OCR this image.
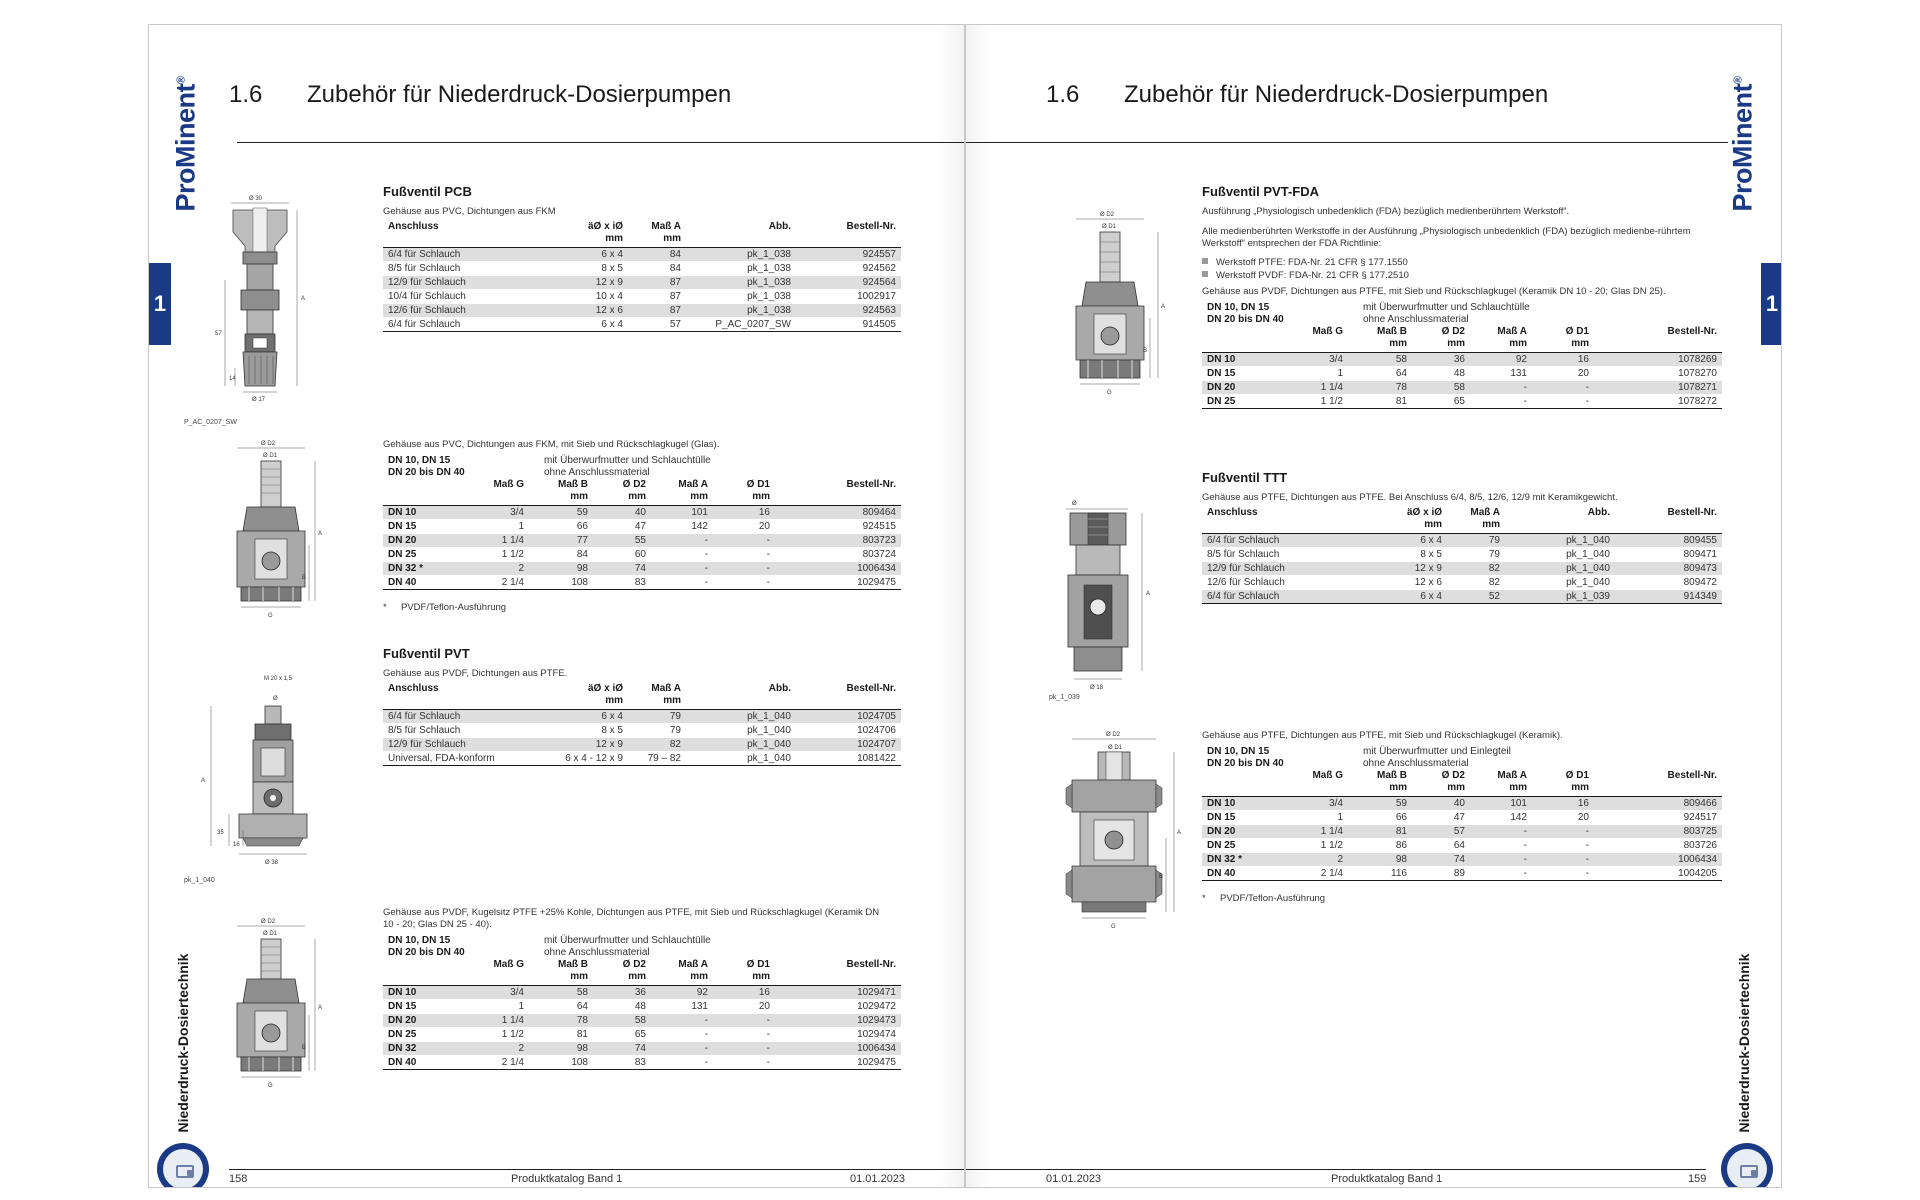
ProMinent®
1
Niederdruck-Dosiertechnik
1.6 Zubehör für Niederdruck-Dosierpumpen
Ø 30
A
57
14
Ø 17
P_AC_0207_SW
Ø D2
Ø D1
A
B
G
M 20 x 1,5
Ø
A
35
16
Ø 38
pk_1_040
Ø D2
Ø D1
A
B
G
Fußventil PCB

Gehäuse aus PVC, Dichtungen aus FKM

Anschluss	äØ x iØ	Maß A	Abb.	Bestell-Nr.
	mm	mm		
6/4 für Schlauch	6 x 4	84	pk_1_038	924557
8/5 für Schlauch	8 x 5	84	pk_1_038	924562
12/9 für Schlauch	12 x 9	87	pk_1_038	924564
10/4 für Schlauch	10 x 4	87	pk_1_038	1002917
12/6 für Schlauch	12 x 6	87	pk_1_038	924563
6/4 für Schlauch	6 x 4	57	P_AC_0207_SW	914505

Gehäuse aus PVC, Dichtungen aus FKM, mit Sieb und Rückschlagkugel (Glas).

DN 10, DN 15	mit Überwurfmutter und Schlauchtülle
DN 20 bis DN 40	ohne Anschlussmaterial
	Maß G	Maß B	Ø D2	Maß A	Ø D1	Bestell-Nr.
		mm	mm	mm	mm	
DN 10	3/4	59	40	101	16	809464
DN 15	1	66	47	142	20	924515
DN 20	1 1/4	77	55	-	-	803723
DN 25	1 1/2	84	60	-	-	803724
DN 32 *	2	98	74	-	-	1006434
DN 40	2 1/4	108	83	-	-	1029475

* PVDF/Teflon-Ausführung

Fußventil PVT

Gehäuse aus PVDF, Dichtungen aus PTFE.

Anschluss	äØ x iØ	Maß A	Abb.	Bestell-Nr.
	mm	mm		
6/4 für Schlauch	6 x 4	79	pk_1_040	1024705
8/5 für Schlauch	8 x 5	79	pk_1_040	1024706
12/9 für Schlauch	12 x 9	82	pk_1_040	1024707
Universal, FDA-konform	6 x 4 - 12 x 9	79 – 82	pk_1_040	1081422

Gehäuse aus PVDF, Kugelsitz PTFE +25% Kohle, Dichtungen aus PTFE, mit Sieb und Rückschlagkugel (Keramik DN 10 - 20; Glas DN 25 - 40).

DN 10, DN 15	mit Überwurfmutter und Schlauchtülle
DN 20 bis DN 40	ohne Anschlussmaterial
	Maß G	Maß B	Ø D2	Maß A	Ø D1	Bestell-Nr.
		mm	mm	mm	mm	
DN 10	3/4	58	36	92	16	1029471
DN 15	1	64	48	131	20	1029472
DN 20	1 1/4	78	58	-	-	1029473
DN 25	1 1/2	81	65	-	-	1029474
DN 32	2	98	74	-	-	1006434
DN 40	2 1/4	108	83	-	-	1029475
158	Produktkatalog Band 1	01.01.2023
ProMinent®
1
Niederdruck-Dosiertechnik
1.6 Zubehör für Niederdruck-Dosierpumpen
Ø D2
Ø D1
A
B
G
Ø
A
Ø 18
pk_1_039
Ø D2
Ø D1
A
B
G
Fußventil PVT-FDA

Ausführung „Physiologisch unbedenklich (FDA) bezüglich medienberührtem Werkstoff“.

Alle medienberührten Werkstoffe in der Ausführung „Physiologisch unbedenklich (FDA) bezüglich medienbe-rührtem Werkstoff“ entsprechen der FDA Richtlinie:

Werkstoff PTFE: FDA-Nr. 21 CFR § 177.1550
Werkstoff PVDF: FDA-Nr. 21 CFR § 177.2510

Gehäuse aus PVDF, Dichtungen aus PTFE, mit Sieb und Rückschlagkugel (Keramik DN 10 - 20; Glas DN 25).

DN 10, DN 15	mit Überwurfmutter und Schlauchtülle
DN 20 bis DN 40	ohne Anschlussmaterial
	Maß G	Maß B	Ø D2	Maß A	Ø D1	Bestell-Nr.
		mm	mm	mm	mm	
DN 10	3/4	58	36	92	16	1078269
DN 15	1	64	48	131	20	1078270
DN 20	1 1/4	78	58	-	-	1078271
DN 25	1 1/2	81	65	-	-	1078272
Fußventil TTT

Gehäuse aus PTFE, Dichtungen aus PTFE. Bei Anschluss 6/4, 8/5, 12/6, 12/9 mit Keramikgewicht.

Anschluss	äØ x iØ	Maß A	Abb.	Bestell-Nr.
	mm	mm		
6/4 für Schlauch	6 x 4	79	pk_1_040	809455
8/5 für Schlauch	8 x 5	79	pk_1_040	809471
12/9 für Schlauch	12 x 9	82	pk_1_040	809473
12/6 für Schlauch	12 x 6	82	pk_1_040	809472
6/4 für Schlauch	6 x 4	52	pk_1_039	914349

Gehäuse aus PTFE, Dichtungen aus PTFE, mit Sieb und Rückschlagkugel (Keramik).

DN 10, DN 15	mit Überwurfmutter und Einlegteil
DN 20 bis DN 40	ohne Anschlussmaterial
	Maß G	Maß B	Ø D2	Maß A	Ø D1	Bestell-Nr.
		mm	mm	mm	mm	
DN 10	3/4	59	40	101	16	809466
DN 15	1	66	47	142	20	924517
DN 20	1 1/4	81	57	-	-	803725
DN 25	1 1/2	86	64	-	-	803726
DN 32 *	2	98	74	-	-	1006434
DN 40	2 1/4	116	89	-	-	1004205

* PVDF/Teflon-Ausführung

01.01.2023	Produktkatalog Band 1	159
